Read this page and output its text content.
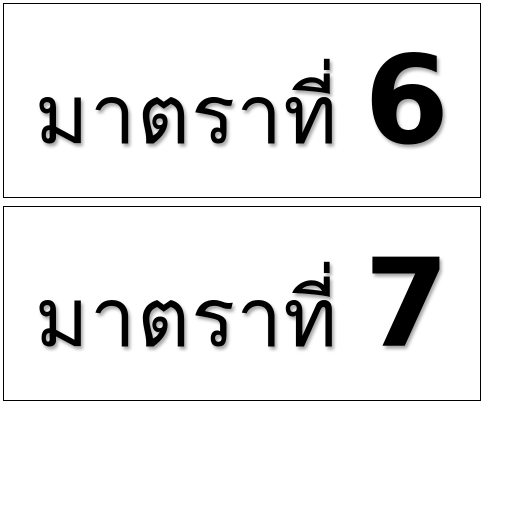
มาตราที่ 6
มาตราที่ 7
